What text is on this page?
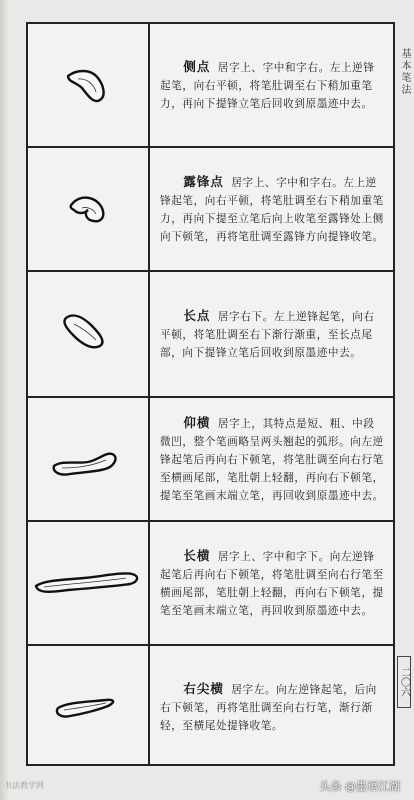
侧点 居字上、字中和字右。左上逆锋起笔，向右平顿，将笔肚调至右下稍加重笔力，再向下提锋立笔后回收到原墨迹中去。

露锋点 居字上、字中和字右。左上逆锋起笔，向右平顿，将笔肚调至右下稍加重笔力，再向下提至立笔后向上收笔至露锋处上侧向下顿笔，再将笔肚调至露锋方向提锋收笔。

长点 居字右下。左上逆锋起笔，向右平顿，将笔肚调至右下渐行渐重，至长点尾部，向下提锋立笔后回收到原墨迹中去。

仰横 居字上，其特点是短、粗、中段微凹，整个笔画略呈两头翘起的弧形。向左逆锋起笔后再向右下顿笔，将笔肚调至向右行笔至横画尾部，笔肚朝上轻翻，再向右下顿笔，提笔至笔画末端立笔，再回收到原墨迹中去。

长横 居字上、字中和字下。向左逆锋起笔后再向右下顿笔，将笔肚调至向右行笔至横画尾部，笔肚朝上轻翻，再向右下顿笔，提笔至笔画末端立笔，再回收到原墨迹中去。

右尖横 居字左。向左逆锋起笔，后向右下顿笔，再将笔肚调至向右行笔，渐行渐轻，至横尾处提锋收笔。

基本笔法
二〇六
书法教学网	头条 @墨语江湖
